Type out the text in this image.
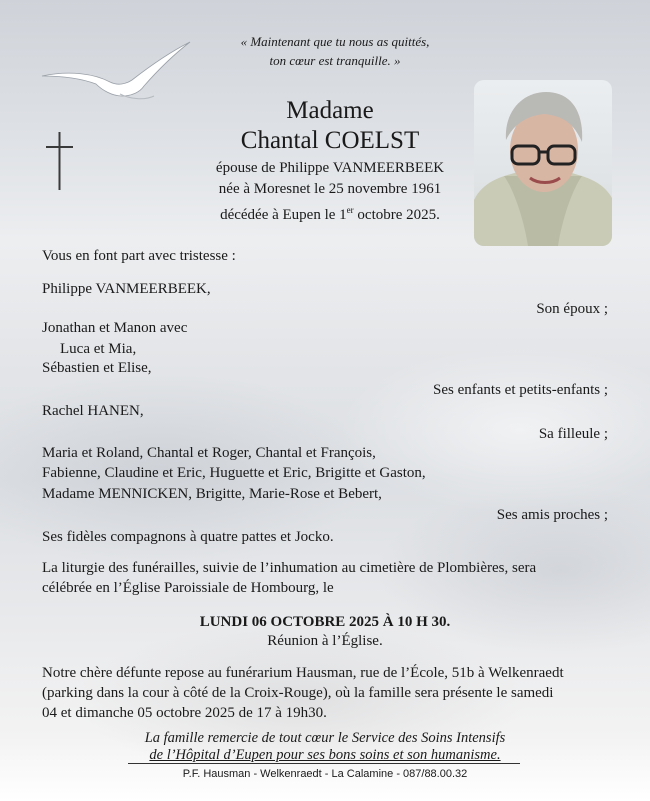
« Maintenant que tu nous as quittés,
ton cœur est tranquille. »
Madame
Chantal COELST
épouse de Philippe VANMEERBEEK
née à Moresnet le 25 novembre 1961
décédée à Eupen le 1er octobre 2025.
Vous en font part avec tristesse :
Philippe VANMEERBEEK,
Son époux ;
Jonathan et Manon avec
Luca et Mia,
Sébastien et Elise,
Ses enfants et petits-enfants ;
Rachel HANEN,
Sa filleule ;
Maria et Roland, Chantal et Roger, Chantal et François,
Fabienne, Claudine et Eric, Huguette et Eric, Brigitte et Gaston,
Madame MENNICKEN, Brigitte, Marie-Rose et Bebert,
Ses amis proches ;
Ses fidèles compagnons à quatre pattes et Jocko.
La liturgie des funérailles, suivie de l’inhumation au cimetière de Plombières, sera
célébrée en l’Église Paroissiale de Hombourg, le
LUNDI 06 OCTOBRE 2025 À 10 H 30.
Réunion à l’Église.
Notre chère défunte repose au funérarium Hausman, rue de l’École, 51b à Welkenraedt
(parking dans la cour à côté de la Croix-Rouge), où la famille sera présente le samedi
04 et dimanche 05 octobre 2025 de 17 à 19h30.
La famille remercie de tout cœur le Service des Soins Intensifs
de l’Hôpital d’Eupen pour ses bons soins et son humanisme.
P.F. Hausman - Welkenraedt - La Calamine - 087/88.00.32
